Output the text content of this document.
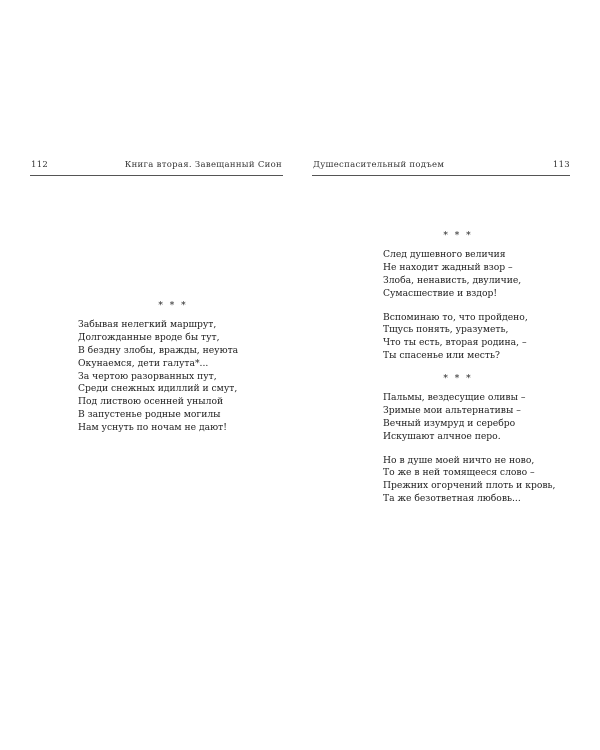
112	Книга вторая. Завещанный Сион
* * *
Забывая нелегкий маршрут,
Долгожданные вроде бы тут,
В бездну злобы, вражды, неуюта
Окунаемся, дети галута*...
За чертою разорванных пут,
Среди снежных идиллий и смут,
Под листвою осенней унылой
В запустенье родные могилы
Нам уснуть по ночам не дают!
Душеспасительный подъем	113
* * *
След душевного величия
Не находит жадный взор –
Злоба, ненависть, двуличие,
Сумасшествие и вздор!
Вспоминаю то, что пройдено,
Тщусь понять, уразуметь,
Что ты есть, вторая родина, –
Ты спасенье или месть?
* * *
Пальмы, вездесущие оливы –
Зримые мои альтернативы –
Вечный изумруд и серебро
Искушают алчное перо.
Но в душе моей ничто не ново,
То же в ней томящееся слово –
Прежних огорчений плоть и кровь,
Та же безответная любовь...
